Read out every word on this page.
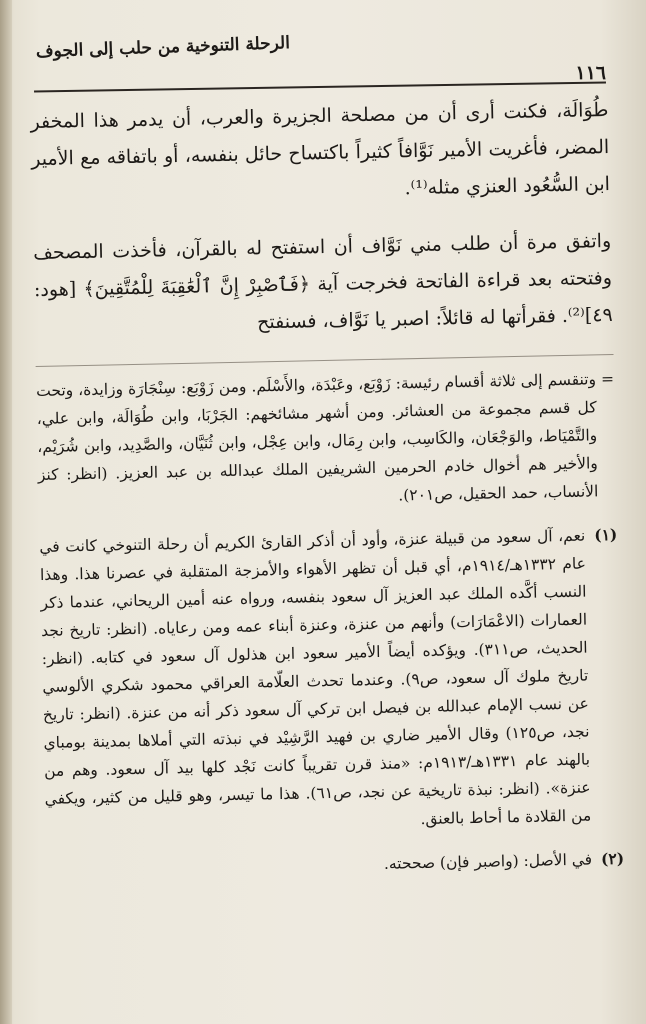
١١٦
الرحلة التنوخية من حلب إلى الجوف

طُوَالَة، فكنت أرى أن من مصلحة الجزيرة والعرب، أن يدمر هذا المخفر المضر، فأغريت الأمير نَوَّافاً كثيراً باكتساح حائل بنفسه، أو باتفاقه مع الأمير ابن السُّعُود العنزي مثله⁽¹⁾.

واتفق مرة أن طلب مني نَوَّاف أن استفتح له بالقرآن، فأخذت المصحف وفتحته بعد قراءة الفاتحة فخرجت آية ﴿فَٱصْبِرْ إِنَّ ٱلْعَٰقِبَةَ لِلْمُتَّقِينَ﴾ [هود: ٤٩]⁽²⁾. فقرأتها له قائلاً: اصبر يا نَوَّاف، فسنفتح

=
وتنقسم إلى ثلاثة أقسام رئيسة: زَوْبَع، وعَبْدَة، والأَسْلَم. ومن زَوْبَع: سِنْجَارَة وزايدة، وتحت كل قسم مجموعة من العشائر. ومن أشهر مشائخهم: الجَرْبَا، وابن طُوَالَة، وابن علي، والتَّمْيَاط، والوَجْعَان، والكَاسِب، وابن رِمَال، وابن عِجْل، وابن ثُنَيَّان، والصَّدِيد، وابن شُرَيْم، والأخير هم أخوال خادم الحرمين الشريفين الملك عبدالله بن عبد العزيز. (انظر: كنز الأنساب، حمد الحقيل، ص٢٠١).
(١)
نعم، آل سعود من قبيلة عنزة، وأود أن أذكر القارئ الكريم أن رحلة التنوخي كانت في عام ١٣٣٢هـ/١٩١٤م، أي قبل أن تظهر الأهواء والأمزجة المتقلبة في عصرنا هذا. وهذا النسب أكَّده الملك عبد العزيز آل سعود بنفسه، ورواه عنه أمين الريحاني، عندما ذكر العمارات (الاعْمَارَات) وأنهم من عنزة، وعنزة أبناء عمه ومن رعاياه. (انظر: تاريخ نجد الحديث، ص٣١١). ويؤكده أيضاً الأمير سعود ابن هذلول آل سعود في كتابه. (انظر: تاريخ ملوك آل سعود، ص٩). وعندما تحدث العلّامة العراقي محمود شكري الألوسي عن نسب الإمام عبدالله بن فيصل ابن تركي آل سعود ذكر أنه من عنزة. (انظر: تاريخ نجد، ص١٢٥) وقال الأمير ضاري بن فهيد الرَّشِيْد في نبذته التي أملاها بمدينة بومباي بالهند عام ١٣٣١هـ/١٩١٣م: «منذ قرن تقريباً كانت نَجْد كلها بيد آل سعود. وهم من عنزة». (انظر: نبذة تاريخية عن نجد، ص٦١). هذا ما تيسر، وهو قليل من كثير، ويكفي من القلادة ما أحاط بالعنق.
(٢)
في الأصل: (واصبر فإن) صححته.
